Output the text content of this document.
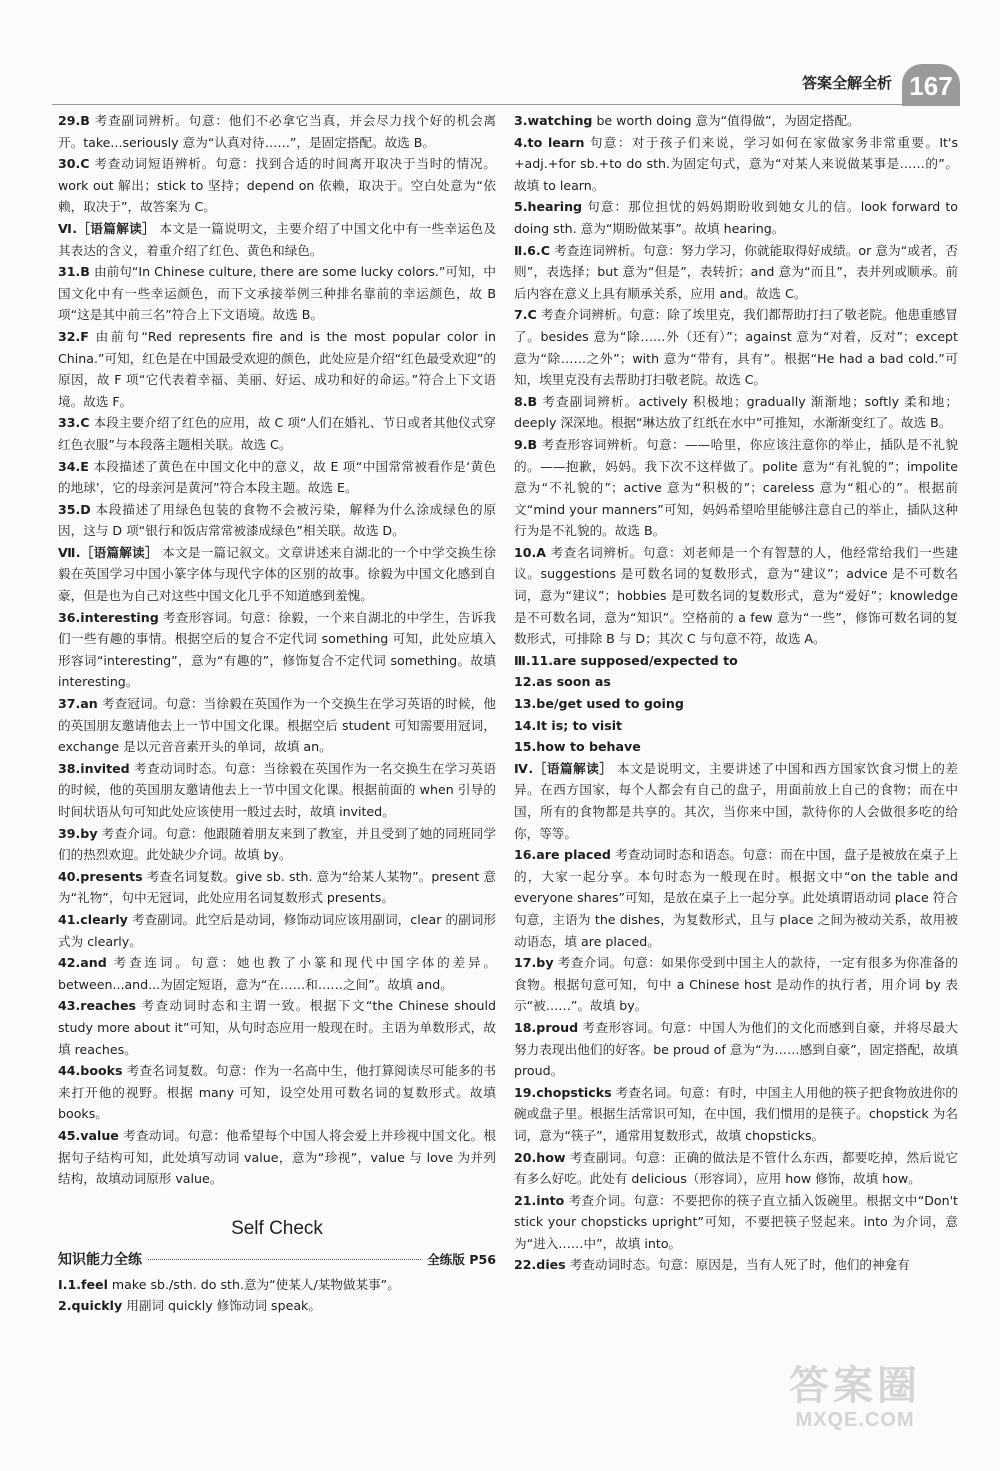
答案全解全析 167

29.B 考查副词辨析。句意：他们不必拿它当真，并会尽力找个好的机会离开。take...seriously 意为“认真对待……”，是固定搭配。故选 B。

30.C 考查动词短语辨析。句意：找到合适的时间离开取决于当时的情况。work out 解出；stick to 坚持；depend on 依赖，取决于。空白处意为“依赖，取决于”，故答案为 C。

Ⅵ.［语篇解读］ 本文是一篇说明文，主要介绍了中国文化中有一些幸运色及其表达的含义，着重介绍了红色、黄色和绿色。

31.B 由前句“In Chinese culture, there are some lucky colors.”可知，中国文化中有一些幸运颜色，而下文承接举例三种排名靠前的幸运颜色，故 B 项“这是其中前三名”符合上下文语境。故选 B。

32.F 由前句“Red represents fire and is the most popular color in China.”可知，红色是在中国最受欢迎的颜色，此处应是介绍“红色最受欢迎”的原因，故 F 项“它代表着幸福、美丽、好运、成功和好的命运。”符合上下文语境。故选 F。

33.C 本段主要介绍了红色的应用，故 C 项“人们在婚礼、节日或者其他仪式穿红色衣服”与本段落主题相关联。故选 C。

34.E 本段描述了黄色在中国文化中的意义，故 E 项“中国常常被看作是‘黄色的地球’，它的母亲河是黄河”符合本段主题。故选 E。

35.D 本段描述了用绿色包装的食物不会被污染，解释为什么涂成绿色的原因，这与 D 项“银行和饭店常常被漆成绿色”相关联。故选 D。

Ⅶ.［语篇解读］ 本文是一篇记叙文。文章讲述来自湖北的一个中学交换生徐毅在英国学习中国小篆字体与现代字体的区别的故事。徐毅为中国文化感到自豪，但是也为自己对这些中国文化几乎不知道感到羞愧。

36.interesting 考查形容词。句意：徐毅，一个来自湖北的中学生，告诉我们一些有趣的事情。根据空后的复合不定代词 something 可知，此处应填入形容词“interesting”，意为“有趣的”，修饰复合不定代词 something。故填 interesting。

37.an 考查冠词。句意：当徐毅在英国作为一个交换生在学习英语的时候，他的英国朋友邀请他去上一节中国文化课。根据空后 student 可知需要用冠词，exchange 是以元音音素开头的单词，故填 an。

38.invited 考查动词时态。句意：当徐毅在英国作为一名交换生在学习英语的时候，他的英国朋友邀请他去上一节中国文化课。根据前面的 when 引导的时间状语从句可知此处应该使用一般过去时，故填 invited。

39.by 考查介词。句意：他跟随着朋友来到了教室，并且受到了她的同班同学们的热烈欢迎。此处缺少介词。故填 by。

40.presents 考查名词复数。give sb. sth. 意为“给某人某物”。present 意为“礼物”，句中无冠词，此处应用名词复数形式 presents。

41.clearly 考查副词。此空后是动词，修饰动词应该用副词，clear 的副词形式为 clearly。

42.and 考查连词。句意：她也教了小篆和现代中国字体的差异。between...and...为固定短语，意为“在……和……之间”。故填 and。

43.reaches 考查动词时态和主谓一致。根据下文“the Chinese should study more about it”可知，从句时态应用一般现在时。主语为单数形式，故填 reaches。

44.books 考查名词复数。句意：作为一名高中生，他打算阅读尽可能多的书来打开他的视野。根据 many 可知，设空处用可数名词的复数形式。故填 books。

45.value 考查动词。句意：他希望每个中国人将会爱上并珍视中国文化。根据句子结构可知，此处填写动词 value，意为“珍视”，value 与 love 为并列结构，故填动词原形 value。

Self Check
知识能力全练	全练版 P56

Ⅰ.1.feel make sb./sth. do sth.意为“使某人/某物做某事”。

2.quickly 用副词 quickly 修饰动词 speak。

3.watching be worth doing 意为“值得做”，为固定搭配。

4.to learn 句意：对于孩子们来说，学习如何在家做家务非常重要。It's +adj.+for sb.+to do sth.为固定句式，意为“对某人来说做某事是……的”。故填 to learn。

5.hearing 句意：那位担忧的妈妈期盼收到她女儿的信。look forward to doing sth. 意为“期盼做某事”。故填 hearing。

Ⅱ.6.C 考查连词辨析。句意：努力学习，你就能取得好成绩。or 意为“或者，否则”，表选择；but 意为“但是”，表转折；and 意为“而且”，表并列或顺承。前后内容在意义上具有顺承关系，应用 and。故选 C。

7.C 考查介词辨析。句意：除了埃里克，我们都帮助打扫了敬老院。他患重感冒了。besides 意为“除……外（还有）”；against 意为“对着，反对”；except 意为“除……之外”；with 意为“带有，具有”。根据“He had a bad cold.”可知，埃里克没有去帮助打扫敬老院。故选 C。

8.B 考查副词辨析。actively 积极地；gradually 渐渐地；softly 柔和地；deeply 深深地。根据“琳达放了红纸在水中”可推知，水渐渐变红了。故选 B。

9.B 考查形容词辨析。句意：——哈里，你应该注意你的举止，插队是不礼貌的。——抱歉，妈妈。我下次不这样做了。polite 意为“有礼貌的”；impolite 意为“不礼貌的”；active 意为“积极的”；careless 意为“粗心的”。根据前文“mind your manners”可知，妈妈希望哈里能够注意自己的举止，插队这种行为是不礼貌的。故选 B。

10.A 考查名词辨析。句意：刘老师是一个有智慧的人，他经常给我们一些建议。suggestions 是可数名词的复数形式，意为“建议”；advice 是不可数名词，意为“建议”；hobbies 是可数名词的复数形式，意为“爱好”；knowledge 是不可数名词，意为“知识”。空格前的 a few 意为“一些”，修饰可数名词的复数形式，可排除 B 与 D；其次 C 与句意不符，故选 A。

Ⅲ.11.are supposed/expected to

12.as soon as

13.be/get used to going

14.It is; to visit

15.how to behave

Ⅳ.［语篇解读］ 本文是说明文，主要讲述了中国和西方国家饮食习惯上的差异。在西方国家，每个人都会有自己的盘子，用面前放上自己的食物；而在中国，所有的食物都是共享的。其次，当你来中国，款待你的人会做很多吃的给你，等等。

16.are placed 考查动词时态和语态。句意：而在中国，盘子是被放在桌子上的，大家一起分享。本句时态为一般现在时。根据文中“on the table and everyone shares”可知，是放在桌子上一起分享。此处填谓语动词 place 符合句意，主语为 the dishes，为复数形式，且与 place 之间为被动关系，故用被动语态，填 are placed。

17.by 考查介词。句意：如果你受到中国主人的款待，一定有很多为你准备的食物。根据句意可知，句中 a Chinese host 是动作的执行者，用介词 by 表示“被……”。故填 by。

18.proud 考查形容词。句意：中国人为他们的文化而感到自豪，并将尽最大努力表现出他们的好客。be proud of 意为“为……感到自豪”，固定搭配，故填 proud。

19.chopsticks 考查名词。句意：有时，中国主人用他的筷子把食物放进你的碗或盘子里。根据生活常识可知，在中国，我们惯用的是筷子。chopstick 为名词，意为“筷子”，通常用复数形式，故填 chopsticks。

20.how 考查副词。句意：正确的做法是不管什么东西，都要吃掉，然后说它有多么好吃。此处有 delicious（形容词），应用 how 修饰，故填 how。

21.into 考查介词。句意：不要把你的筷子直立插入饭碗里。根据文中“Don't stick your chopsticks upright”可知，不要把筷子竖起来。into 为介词，意为“进入……中”，故填 into。

22.dies 考查动词时态。句意：原因是，当有人死了时，他们的神龛有

答案圈
MXQE.COM
